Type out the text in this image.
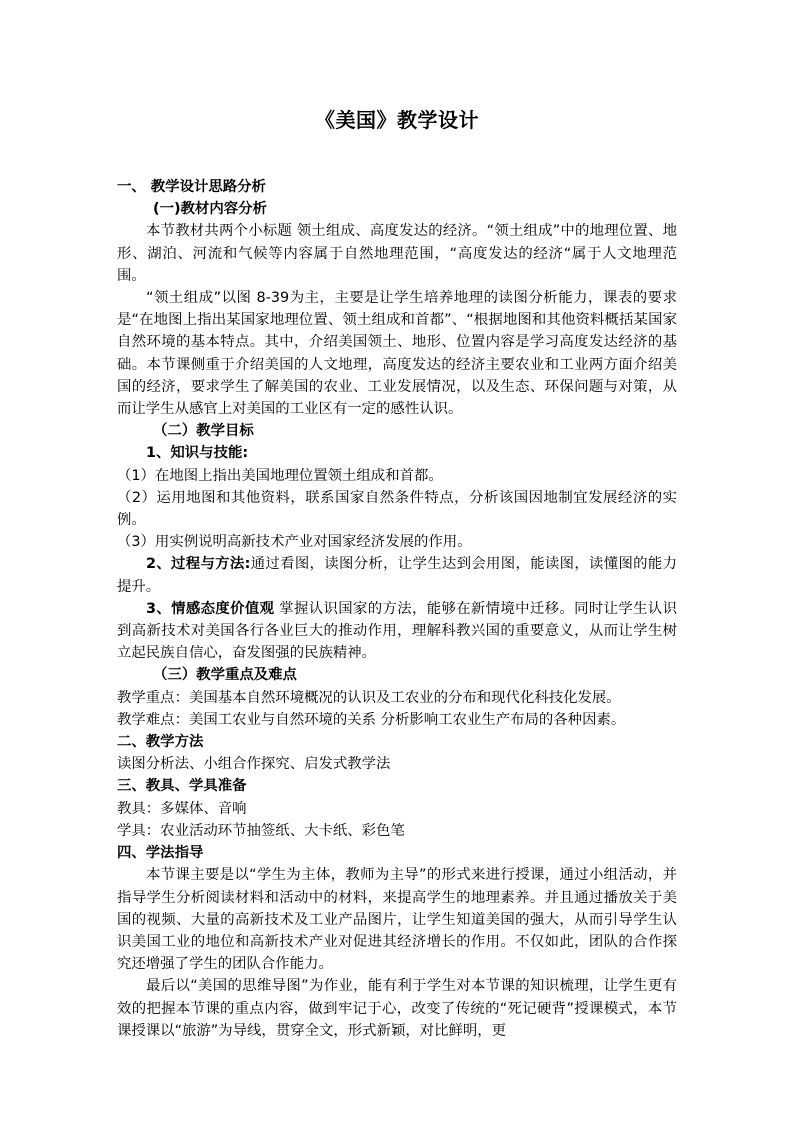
《美国》教学设计

一、 教学设计思路分析

(一)教材内容分析

本节教材共两个小标题 领土组成、高度发达的经济。“领土组成”中的地理位置、地形、湖泊、河流和气候等内容属于自然地理范围，“高度发达的经济“属于人文地理范围。

“领土组成”以图 8-39为主，主要是让学生培养地理的读图分析能力，课表的要求是“在地图上指出某国家地理位置、领土组成和首都”、“根据地图和其他资料概括某国家自然环境的基本特点。其中，介绍美国领土、地形、位置内容是学习高度发达经济的基础。本节课侧重于介绍美国的人文地理，高度发达的经济主要农业和工业两方面介绍美国的经济，要求学生了解美国的农业、工业发展情况，以及生态、环保问题与对策，从而让学生从感官上对美国的工业区有一定的感性认识。

（二）教学目标

1、知识与技能:

（1）在地图上指出美国地理位置领土组成和首都。

（2）运用地图和其他资料，联系国家自然条件特点，分析该国因地制宜发展经济的实例。

（3）用实例说明高新技术产业对国家经济发展的作用。

2、过程与方法:通过看图，读图分析，让学生达到会用图，能读图，读懂图的能力提升。

3、情感态度价值观 掌握认识国家的方法，能够在新情境中迁移。同时让学生认识到高新技术对美国各行各业巨大的推动作用，理解科教兴国的重要意义，从而让学生树立起民族自信心，奋发图强的民族精神。

（三）教学重点及难点

教学重点：美国基本自然环境概况的认识及工农业的分布和现代化科技化发展。

教学难点：美国工农业与自然环境的关系 分析影响工农业生产布局的各种因素。

二、教学方法

读图分析法、小组合作探究、启发式教学法

三、教具、学具准备

教具：多媒体、音响

学具：农业活动环节抽签纸、大卡纸、彩色笔

四、学法指导

本节课主要是以“学生为主体，教师为主导”的形式来进行授课，通过小组活动，并指导学生分析阅读材料和活动中的材料，来提高学生的地理素养。并且通过播放关于美国的视频、大量的高新技术及工业产品图片，让学生知道美国的强大，从而引导学生认识美国工业的地位和高新技术产业对促进其经济增长的作用。不仅如此，团队的合作探究还增强了学生的团队合作能力。

最后以“美国的思维导图”为作业，能有利于学生对本节课的知识梳理，让学生更有效的把握本节课的重点内容，做到牢记于心，改变了传统的“死记硬背”授课模式，本节课授课以“旅游”为导线，贯穿全文，形式新颖，对比鲜明，更
